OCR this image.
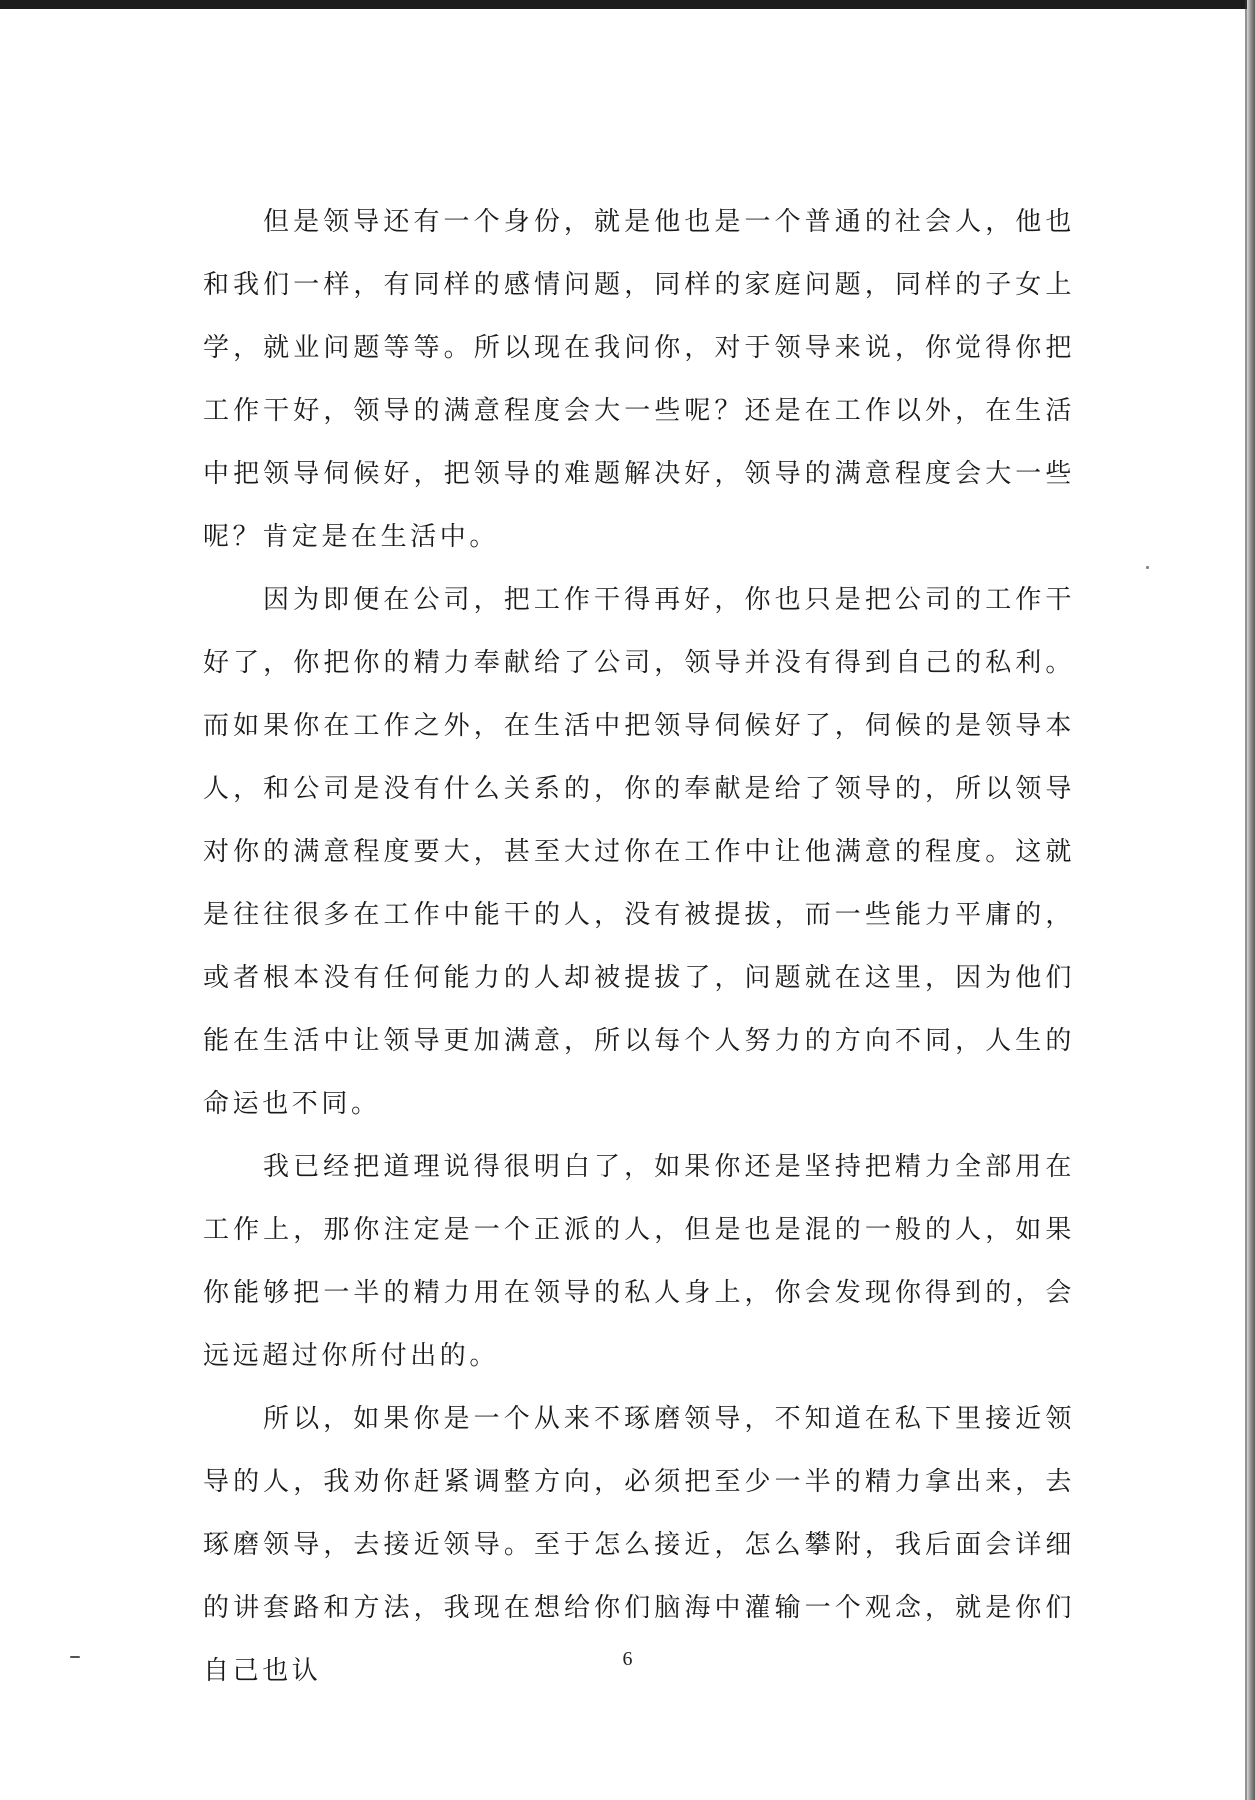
但是领导还有一个身份，就是他也是一个普通的社会人，他也和我们一样，有同样的感情问题，同样的家庭问题，同样的子女上学，就业问题等等。所以现在我问你，对于领导来说，你觉得你把工作干好，领导的满意程度会大一些呢？还是在工作以外，在生活中把领导伺候好，把领导的难题解决好，领导的满意程度会大一些呢？肯定是在生活中。

因为即便在公司，把工作干得再好，你也只是把公司的工作干好了，你把你的精力奉献给了公司，领导并没有得到自己的私利。而如果你在工作之外，在生活中把领导伺候好了，伺候的是领导本人，和公司是没有什么关系的，你的奉献是给了领导的，所以领导对你的满意程度要大，甚至大过你在工作中让他满意的程度。这就是往往很多在工作中能干的人，没有被提拔，而一些能力平庸的，或者根本没有任何能力的人却被提拔了，问题就在这里，因为他们能在生活中让领导更加满意，所以每个人努力的方向不同，人生的命运也不同。

我已经把道理说得很明白了，如果你还是坚持把精力全部用在工作上，那你注定是一个正派的人，但是也是混的一般的人，如果你能够把一半的精力用在领导的私人身上，你会发现你得到的，会远远超过你所付出的。

所以，如果你是一个从来不琢磨领导，不知道在私下里接近领导的人，我劝你赶紧调整方向，必须把至少一半的精力拿出来，去琢磨领导，去接近领导。至于怎么接近，怎么攀附，我后面会详细的讲套路和方法，我现在想给你们脑海中灌输一个观念，就是你们自己也认	6
